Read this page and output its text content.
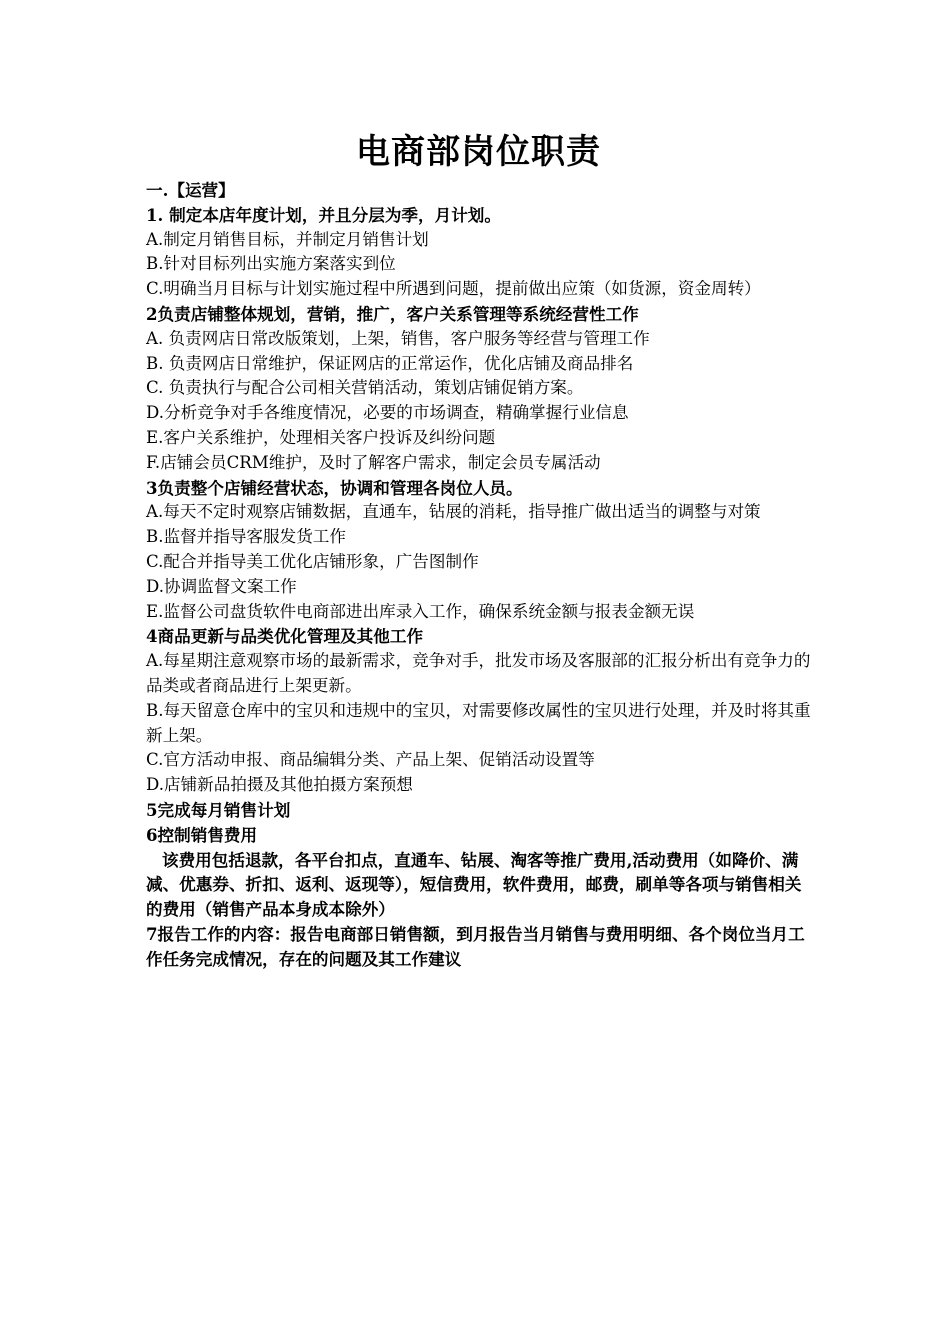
电商部岗位职责

一.【运营】

1. 制定本店年度计划，并且分层为季，月计划。

A.制定月销售目标，并制定月销售计划

B.针对目标列出实施方案落实到位

C.明确当月目标与计划实施过程中所遇到问题，提前做出应策（如货源，资金周转）

2负责店铺整体规划，营销，推广，客户关系管理等系统经营性工作

A. 负责网店日常改版策划，上架，销售，客户服务等经营与管理工作

B. 负责网店日常维护，保证网店的正常运作，优化店铺及商品排名

C. 负责执行与配合公司相关营销活动，策划店铺促销方案。

D.分析竞争对手各维度情况，必要的市场调查，精确掌握行业信息

E.客户关系维护，处理相关客户投诉及纠纷问题

F.店铺会员CRM维护，及时了解客户需求，制定会员专属活动

3负责整个店铺经营状态，协调和管理各岗位人员。

A.每天不定时观察店铺数据，直通车，钻展的消耗，指导推广做出适当的调整与对策

B.监督并指导客服发货工作

C.配合并指导美工优化店铺形象，广告图制作

D.协调监督文案工作

E.监督公司盘货软件电商部进出库录入工作，确保系统金额与报表金额无误

4商品更新与品类优化管理及其他工作

A.每星期注意观察市场的最新需求，竞争对手，批发市场及客服部的汇报分析出有竞争力的品类或者商品进行上架更新。

B.每天留意仓库中的宝贝和违规中的宝贝，对需要修改属性的宝贝进行处理，并及时将其重新上架。

C.官方活动申报、商品编辑分类、产品上架、促销活动设置等

D.店铺新品拍摄及其他拍摄方案预想

5完成每月销售计划

6控制销售费用

该费用包括退款，各平台扣点，直通车、钻展、淘客等推广费用,活动费用（如降价、满减、优惠券、折扣、返利、返现等），短信费用，软件费用，邮费，刷单等各项与销售相关的费用（销售产品本身成本除外）

7报告工作的内容：报告电商部日销售额，到月报告当月销售与费用明细、各个岗位当月工作任务完成情况，存在的问题及其工作建议
